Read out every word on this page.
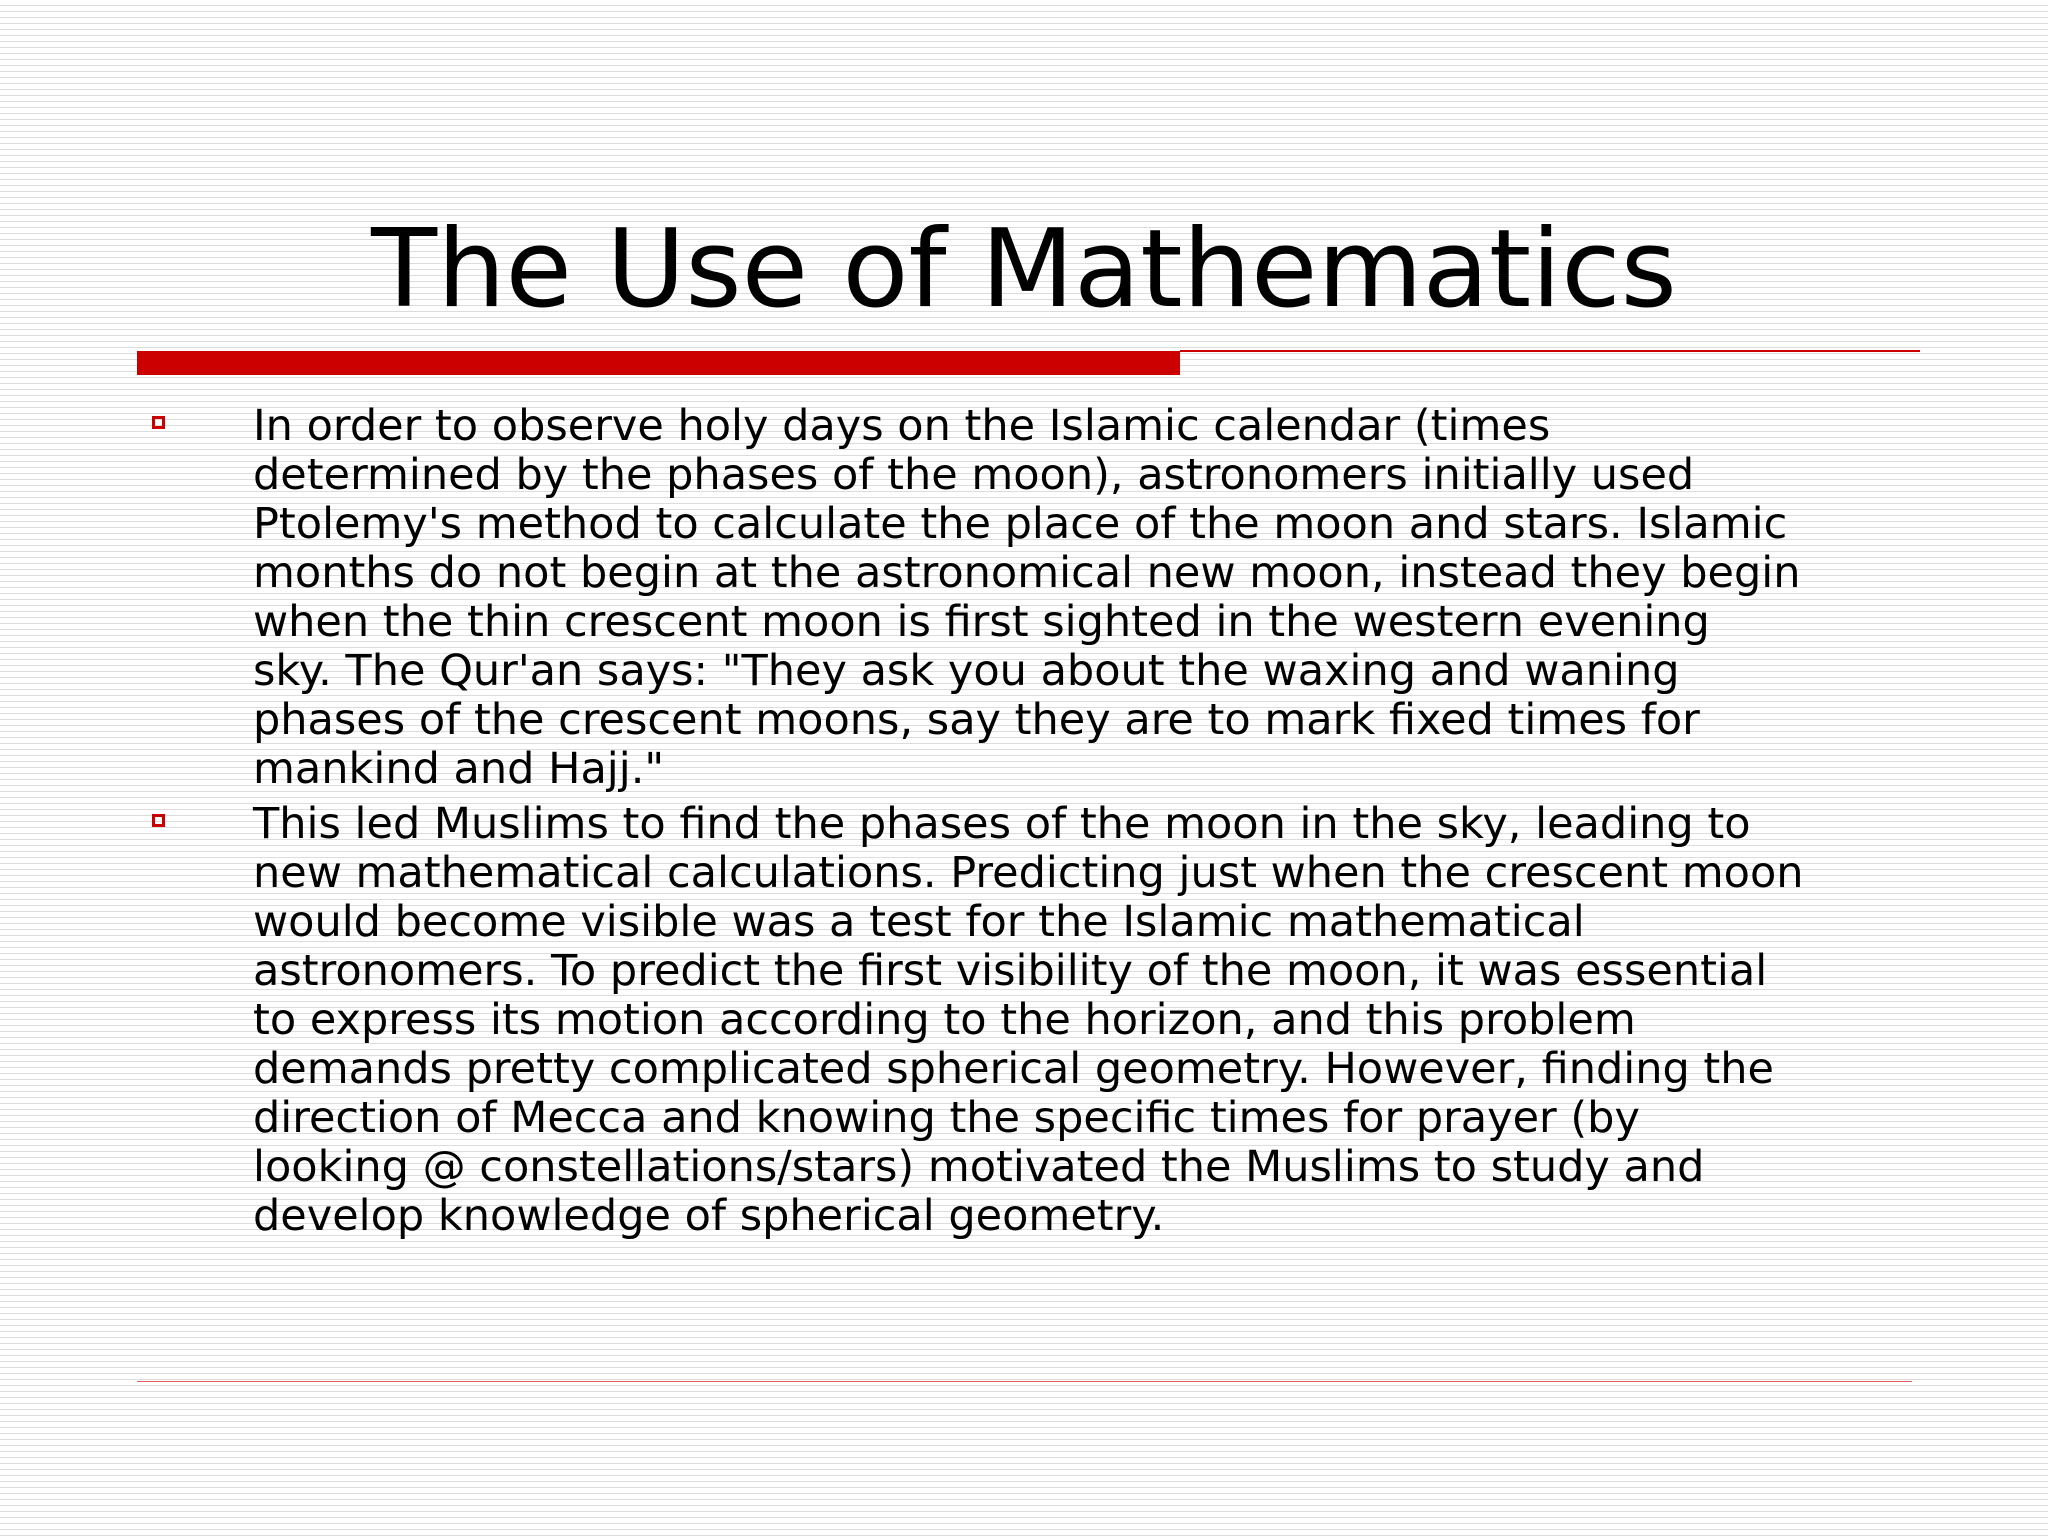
The Use of Mathematics
In order to observe holy days on the Islamic calendar (times
determined by the phases of the moon), astronomers initially used
Ptolemy's method to calculate the place of the moon and stars. Islamic
months do not begin at the astronomical new moon, instead they begin
when the thin crescent moon is first sighted in the western evening
sky. The Qur'an says: "They ask you about the waxing and waning
phases of the crescent moons, say they are to mark fixed times for
mankind and Hajj."
This led Muslims to find the phases of the moon in the sky, leading to
new mathematical calculations. Predicting just when the crescent moon
would become visible was a test for the Islamic mathematical
astronomers. To predict the first visibility of the moon, it was essential
to express its motion according to the horizon, and this problem
demands pretty complicated spherical geometry. However, finding the
direction of Mecca and knowing the specific times for prayer (by
looking @ constellations/stars) motivated the Muslims to study and
develop knowledge of spherical geometry.
